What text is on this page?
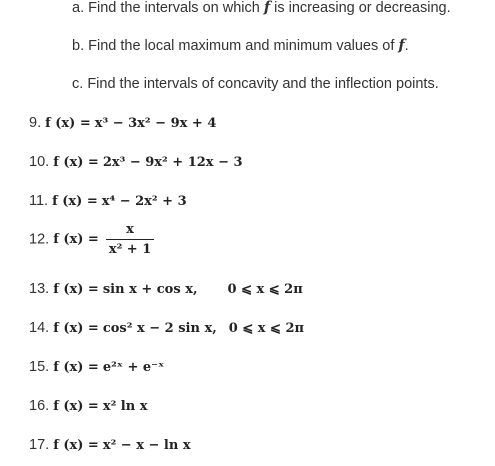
a. Find the intervals on which f is increasing or decreasing.
b. Find the local maximum and minimum values of f.
c. Find the intervals of concavity and the inflection points.
9. f (x) = x³ − 3x² − 9x + 4
10. f (x) = 2x³ − 9x² + 12x − 3
11. f (x) = x⁴ − 2x² + 3
12. f $(x) = \frac{x}{\text{x² + 1}}$
13. f (x) = sin x + cos x, 0 ⩽ x ⩽ 2π
14. f (x) = cos² x − 2 sin x, 0 ⩽ x ⩽ 2π
15. f (x) = e²ˣ + e⁻ˣ
16. f (x) = x² ln x
17. f (x) = x² − x − ln x
